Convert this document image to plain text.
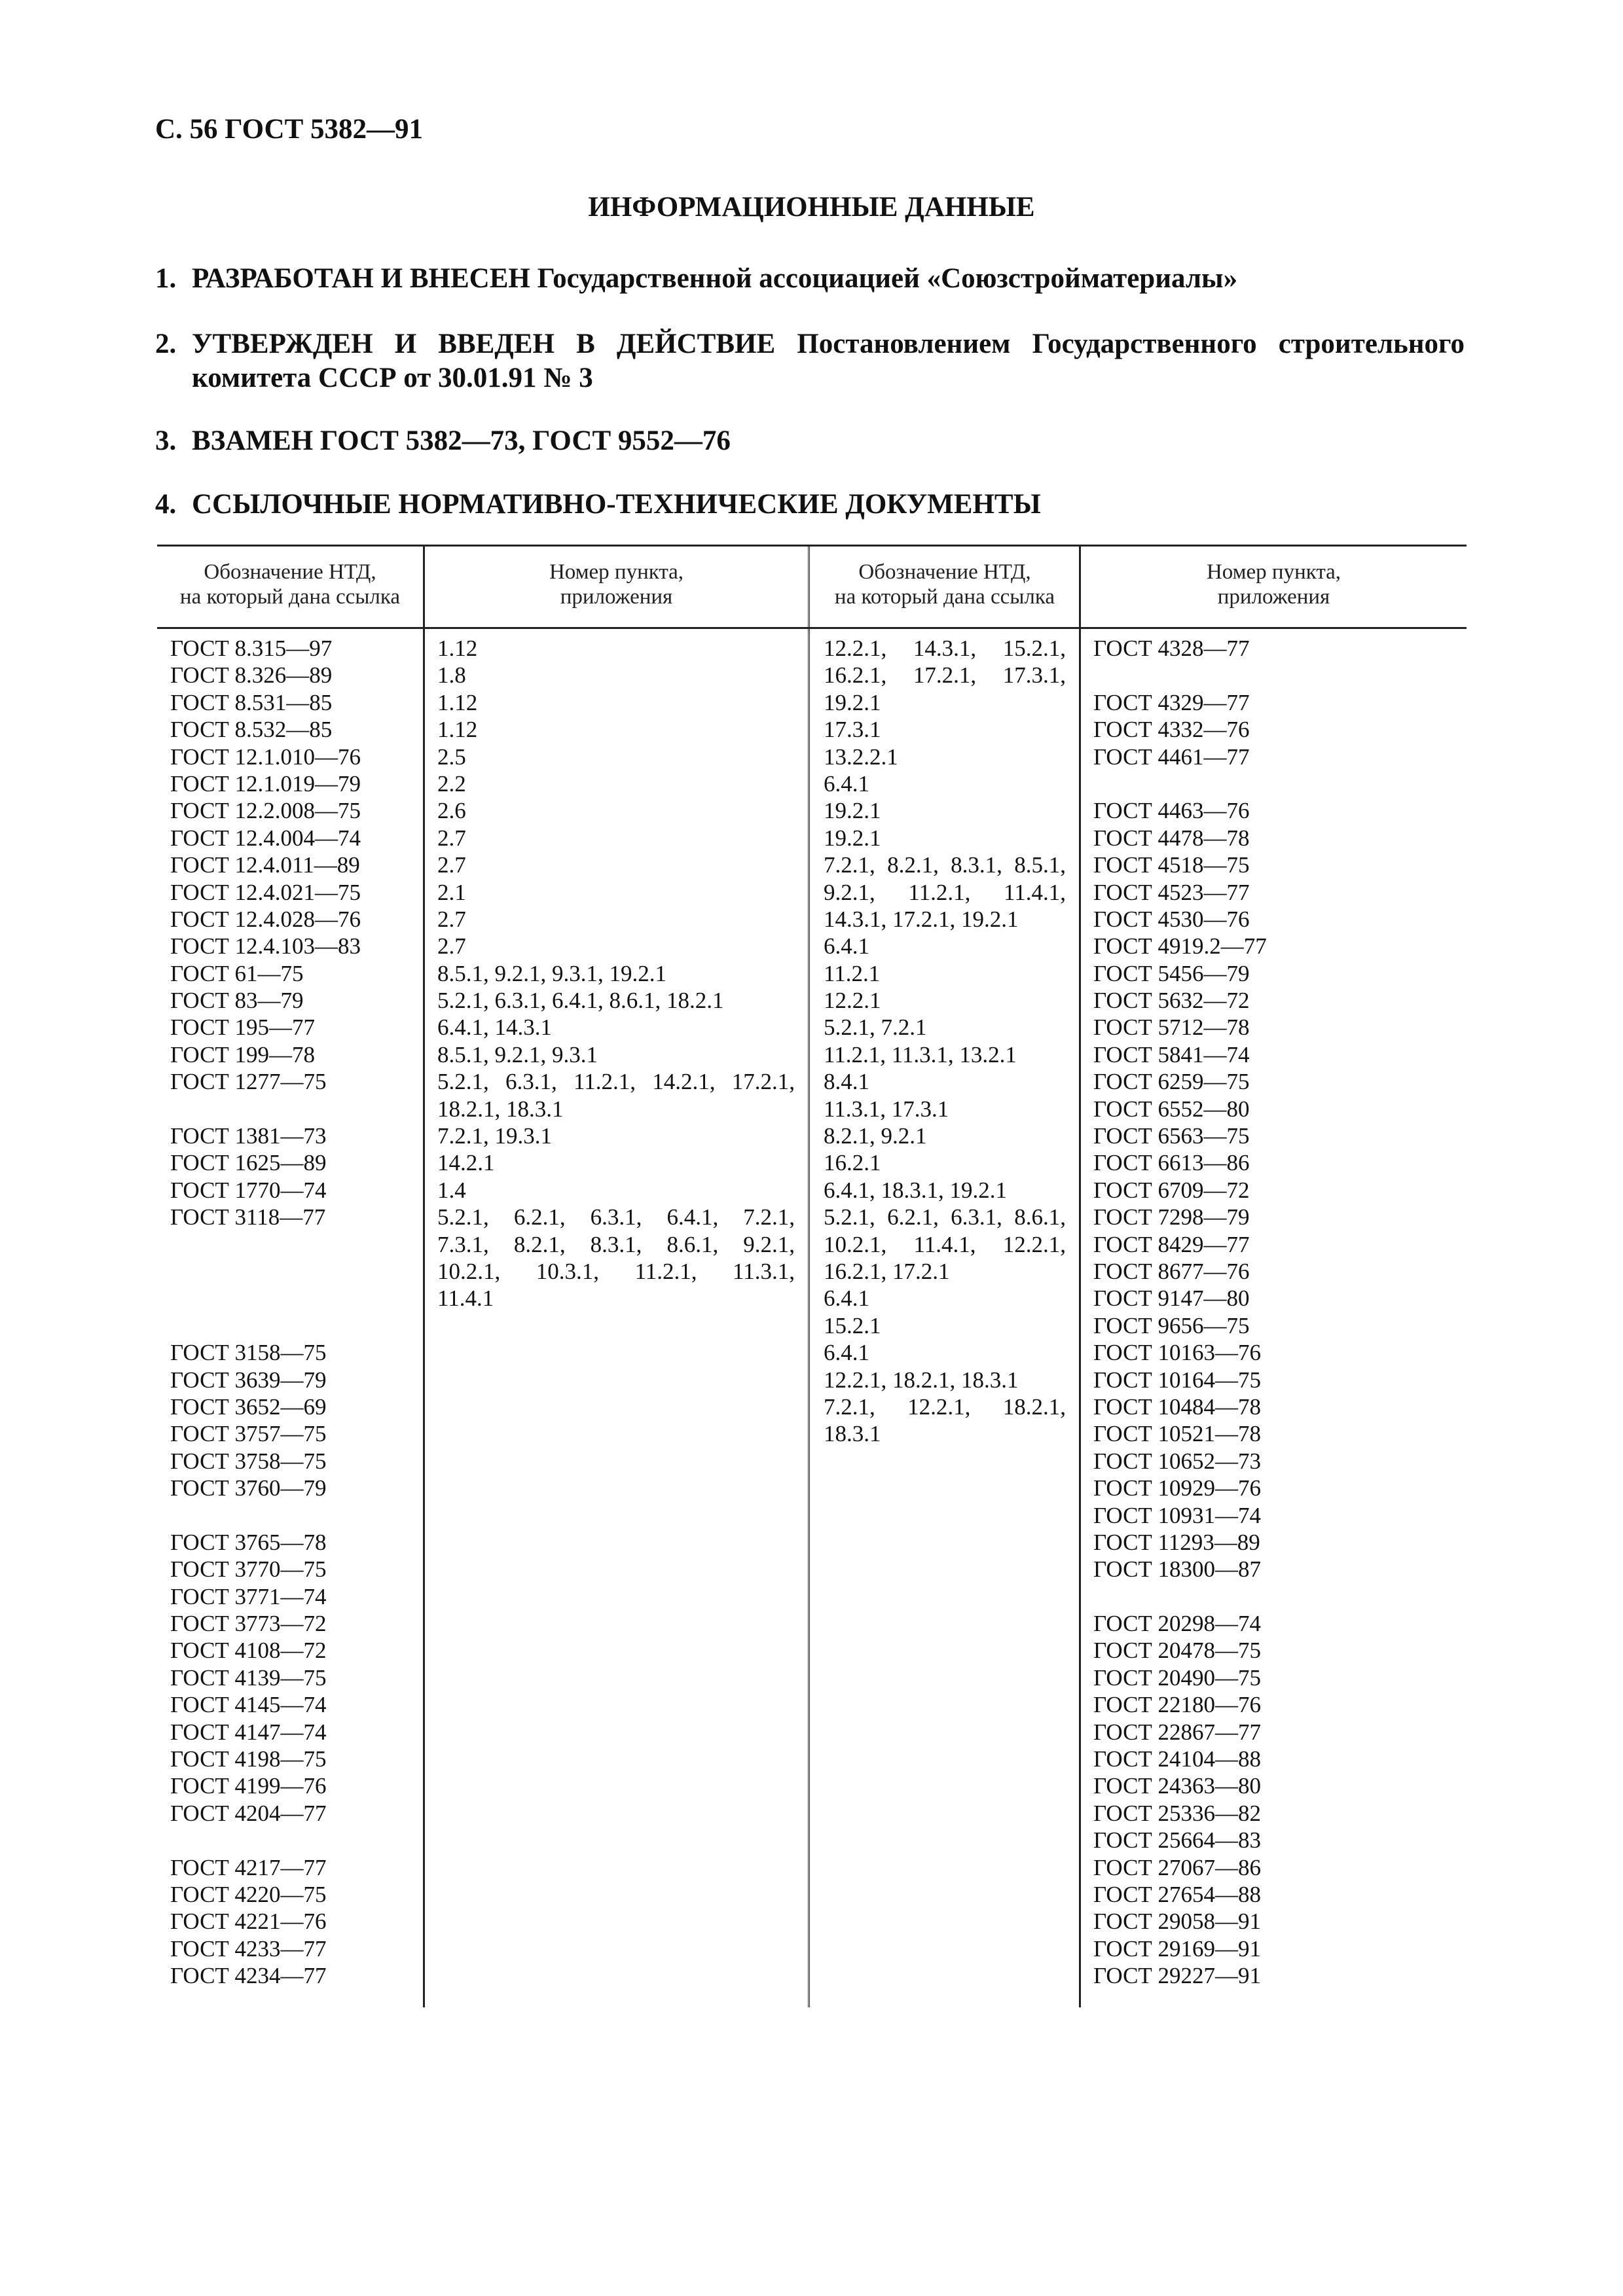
С. 56 ГОСТ 5382—91
ИНФОРМАЦИОННЫЕ ДАННЫЕ
1. РАЗРАБОТАН И ВНЕСЕН Государственной ассоциацией «Союзстройматериалы»
2. УТВЕРЖДЕН И ВВЕДЕН В ДЕЙСТВИЕ Постановлением Государственного строительного комитета СССР от 30.01.91 № 3
3. ВЗАМЕН ГОСТ 5382—73, ГОСТ 9552—76
4. ССЫЛОЧНЫЕ НОРМАТИВНО-ТЕХНИЧЕСКИЕ ДОКУМЕНТЫ
Обозначение НТД,
на который дана ссылка
Номер пункта,
приложения
Обозначение НТД,
на который дана ссылка
Номер пункта,
приложения
ГОСТ 8.315—97
ГОСТ 8.326—89
ГОСТ 8.531—85
ГОСТ 8.532—85
ГОСТ 12.1.010—76
ГОСТ 12.1.019—79
ГОСТ 12.2.008—75
ГОСТ 12.4.004—74
ГОСТ 12.4.011—89
ГОСТ 12.4.021—75
ГОСТ 12.4.028—76
ГОСТ 12.4.103—83
ГОСТ 61—75
ГОСТ 83—79
ГОСТ 195—77
ГОСТ 199—78
ГОСТ 1277—75
ГОСТ 1381—73
ГОСТ 1625—89
ГОСТ 1770—74
ГОСТ 3118—77
ГОСТ 3158—75
ГОСТ 3639—79
ГОСТ 3652—69
ГОСТ 3757—75
ГОСТ 3758—75
ГОСТ 3760—79
ГОСТ 3765—78
ГОСТ 3770—75
ГОСТ 3771—74
ГОСТ 3773—72
ГОСТ 4108—72
ГОСТ 4139—75
ГОСТ 4145—74
ГОСТ 4147—74
ГОСТ 4198—75
ГОСТ 4199—76
ГОСТ 4204—77
ГОСТ 4217—77
ГОСТ 4220—75
ГОСТ 4221—76
ГОСТ 4233—77
ГОСТ 4234—77
1.12
1.8
1.12
1.12
2.5
2.2
2.6
2.7
2.7
2.1
2.7
2.7
8.5.1, 9.2.1, 9.3.1, 19.2.1
5.2.1, 6.3.1, 6.4.1, 8.6.1, 18.2.1
6.4.1, 14.3.1
8.5.1, 9.2.1, 9.3.1
5.2.1, 6.3.1, 11.2.1, 14.2.1, 17.2.1,
18.2.1, 18.3.1
7.2.1, 19.3.1
14.2.1
1.4
5.2.1, 6.2.1, 6.3.1, 6.4.1, 7.2.1,
7.3.1, 8.2.1, 8.3.1, 8.6.1, 9.2.1,
10.2.1, 10.3.1, 11.2.1, 11.3.1,
11.4.1
12.2.1, 14.3.1, 15.2.1,
16.2.1, 17.2.1, 17.3.1,
19.2.1
17.3.1
13.2.2.1
6.4.1
19.2.1
19.2.1
7.2.1, 8.2.1, 8.3.1, 8.5.1,
9.2.1, 11.2.1, 11.4.1,
14.3.1, 17.2.1, 19.2.1
6.4.1
11.2.1
12.2.1
5.2.1, 7.2.1
11.2.1, 11.3.1, 13.2.1
8.4.1
11.3.1, 17.3.1
8.2.1, 9.2.1
16.2.1
6.4.1, 18.3.1, 19.2.1
5.2.1, 6.2.1, 6.3.1, 8.6.1,
10.2.1, 11.4.1, 12.2.1,
16.2.1, 17.2.1
6.4.1
15.2.1
6.4.1
12.2.1, 18.2.1, 18.3.1
7.2.1, 12.2.1, 18.2.1,
18.3.1
ГОСТ 4328—77
ГОСТ 4329—77
ГОСТ 4332—76
ГОСТ 4461—77
ГОСТ 4463—76
ГОСТ 4478—78
ГОСТ 4518—75
ГОСТ 4523—77
ГОСТ 4530—76
ГОСТ 4919.2—77
ГОСТ 5456—79
ГОСТ 5632—72
ГОСТ 5712—78
ГОСТ 5841—74
ГОСТ 6259—75
ГОСТ 6552—80
ГОСТ 6563—75
ГОСТ 6613—86
ГОСТ 6709—72
ГОСТ 7298—79
ГОСТ 8429—77
ГОСТ 8677—76
ГОСТ 9147—80
ГОСТ 9656—75
ГОСТ 10163—76
ГОСТ 10164—75
ГОСТ 10484—78
ГОСТ 10521—78
ГОСТ 10652—73
ГОСТ 10929—76
ГОСТ 10931—74
ГОСТ 11293—89
ГОСТ 18300—87
ГОСТ 20298—74
ГОСТ 20478—75
ГОСТ 20490—75
ГОСТ 22180—76
ГОСТ 22867—77
ГОСТ 24104—88
ГОСТ 24363—80
ГОСТ 25336—82
ГОСТ 25664—83
ГОСТ 27067—86
ГОСТ 27654—88
ГОСТ 29058—91
ГОСТ 29169—91
ГОСТ 29227—91
